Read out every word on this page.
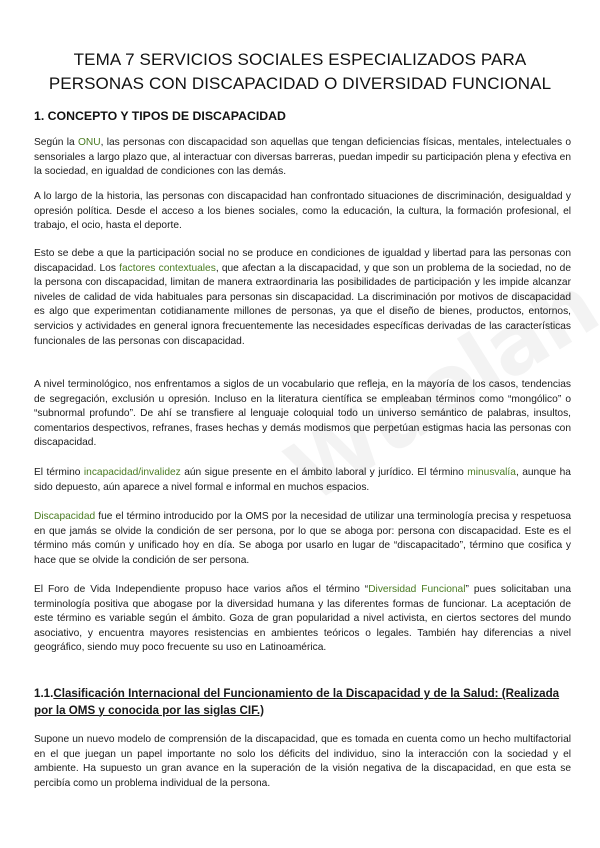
TEMA 7 SERVICIOS SOCIALES ESPECIALIZADOS PARA
PERSONAS CON DISCAPACIDAD O DIVERSIDAD FUNCIONAL
1. CONCEPTO Y TIPOS DE DISCAPACIDAD

Según la ONU, las personas con discapacidad son aquellas que tengan deficiencias físicas, mentales, intelectuales o sensoriales a largo plazo que, al interactuar con diversas barreras, puedan impedir su participación plena y efectiva en la sociedad, en igualdad de condiciones con las demás.

A lo largo de la historia, las personas con discapacidad han confrontado situaciones de discriminación, desigualdad y opresión política. Desde el acceso a los bienes sociales, como la educación, la cultura, la formación profesional, el trabajo, el ocio, hasta el deporte.

Esto se debe a que la participación social no se produce en condiciones de igualdad y libertad para las personas con discapacidad. Los factores contextuales, que afectan a la discapacidad, y que son un problema de la sociedad, no de la persona con discapacidad, limitan de manera extraordinaria las posibilidades de participación y les impide alcanzar niveles de calidad de vida habituales para personas sin discapacidad. La discriminación por motivos de discapacidad es algo que experimentan cotidianamente millones de personas, ya que el diseño de bienes, productos, entornos, servicios y actividades en general ignora frecuentemente las necesidades específicas derivadas de las características funcionales de las personas con discapacidad.

A nivel terminológico, nos enfrentamos a siglos de un vocabulario que refleja, en la mayoría de los casos, tendencias de segregación, exclusión u opresión. Incluso en la literatura científica se empleaban términos como “mongólico” o “subnormal profundo”. De ahí se transfiere al lenguaje coloquial todo un universo semántico de palabras, insultos, comentarios despectivos, refranes, frases hechas y demás modismos que perpetúan estigmas hacia las personas con discapacidad.

El término incapacidad/invalidez aún sigue presente en el ámbito laboral y jurídico. El término minusvalía, aunque ha sido depuesto, aún aparece a nivel formal e informal en muchos espacios.

Discapacidad fue el término introducido por la OMS por la necesidad de utilizar una terminología precisa y respetuosa en que jamás se olvide la condición de ser persona, por lo que se aboga por: persona con discapacidad. Este es el término más común y unificado hoy en día. Se aboga por usarlo en lugar de “discapacitado”, término que cosifica y hace que se olvide la condición de ser persona.

El Foro de Vida Independiente propuso hace varios años el término “Diversidad Funcional” pues solicitaban una terminología positiva que abogase por la diversidad humana y las diferentes formas de funcionar. La aceptación de este término es variable según el ámbito. Goza de gran popularidad a nivel activista, en ciertos sectores del mundo asociativo, y encuentra mayores resistencias en ambientes teóricos o legales. También hay diferencias a nivel geográfico, siendo muy poco frecuente su uso en Latinoamérica.

1.1.Clasificación Internacional del Funcionamiento de la Discapacidad y de la Salud: (Realizada por la OMS y conocida por las siglas CIF.)

Supone un nuevo modelo de comprensión de la discapacidad, que es tomada en cuenta como un hecho multifactorial en el que juegan un papel importante no solo los déficits del individuo, sino la interacción con la sociedad y el ambiente. Ha supuesto un gran avance en la superación de la visión negativa de la discapacidad, en que esta se percibía como un problema individual de la persona.
